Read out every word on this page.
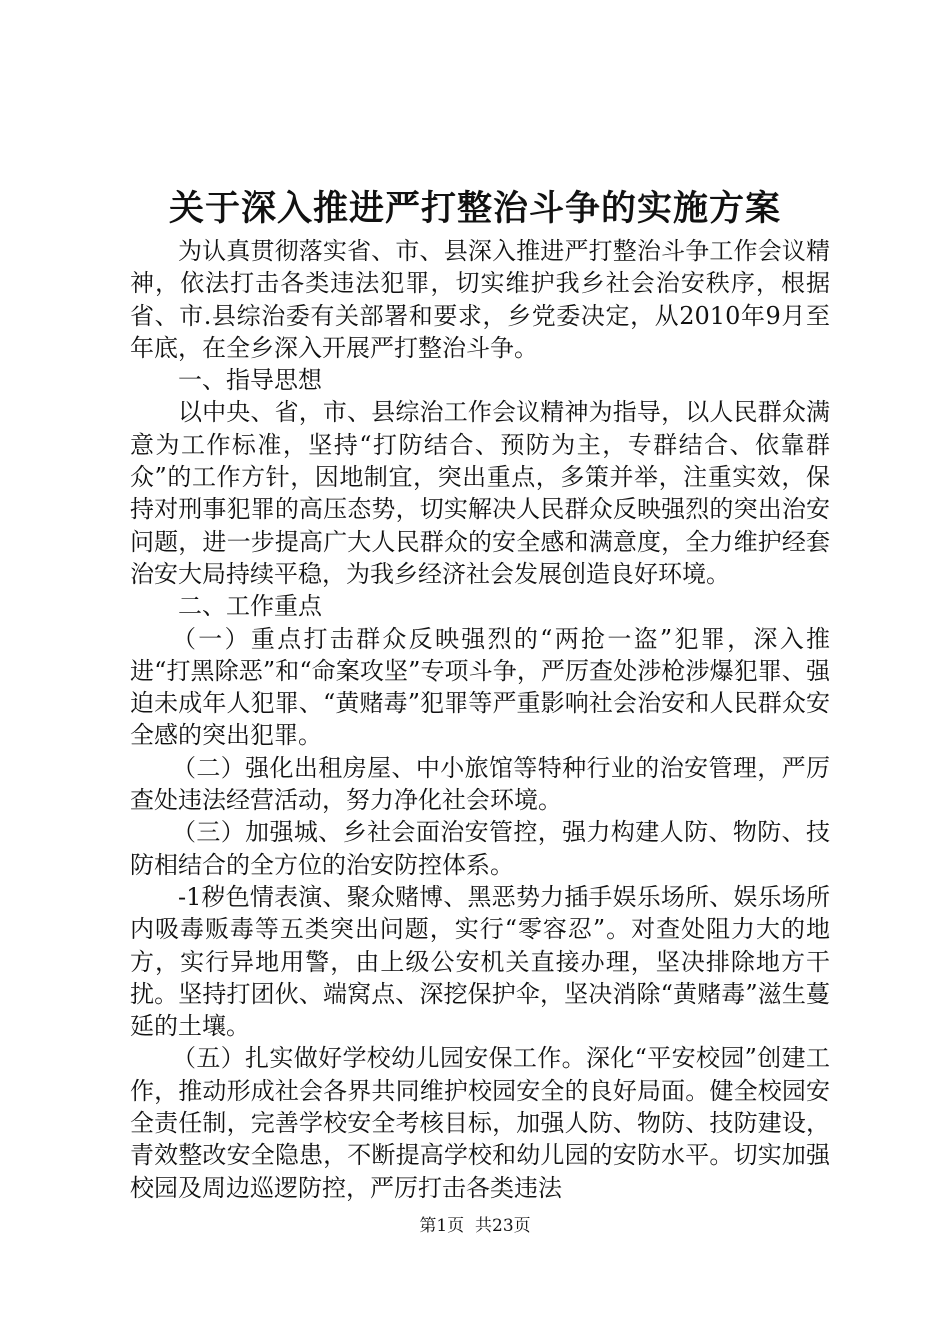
关于深入推进严打整治斗争的实施方案

为认真贯彻落实省、市、县深入推进严打整治斗争工作会议精神，依法打击各类违法犯罪，切实维护我乡社会治安秩序，根据省、市.县综治委有关部署和要求，乡党委决定，从2010年9月至年底，在全乡深入开展严打整治斗争。

一、指导思想

以中央、省，市、县综治工作会议精神为指导，以人民群众满意为工作标准，坚持“打防结合、预防为主，专群结合、依靠群众”的工作方针，因地制宜，突出重点，多策并举，注重实效，保持对刑事犯罪的高压态势，切实解决人民群众反映强烈的突出治安问题，进一步提高广大人民群众的安全感和满意度，全力维护经套治安大局持续平稳，为我乡经济社会发展创造良好环境。

二、工作重点

（一）重点打击群众反映强烈的“两抢一盗”犯罪，深入推进“打黑除恶”和“命案攻坚”专项斗争，严厉查处涉枪涉爆犯罪、强迫未成年人犯罪、“黄赌毒”犯罪等严重影响社会治安和人民群众安全感的突出犯罪。

（二）强化出租房屋、中小旅馆等特种行业的治安管理，严厉查处违法经营活动，努力净化社会环境。

（三）加强城、乡社会面治安管控，强力构建人防、物防、技防相结合的全方位的治安防控体系。

-1秽色情表演、聚众赌博、黑恶势力插手娱乐场所、娱乐场所内吸毒贩毒等五类突出问题，实行“零容忍”。对查处阻力大的地方，实行异地用警，由上级公安机关直接办理，坚决排除地方干扰。坚持打团伙、端窝点、深挖保护伞，坚决消除“黄赌毒”滋生蔓延的土壤。

（五）扎实做好学校幼儿园安保工作。深化“平安校园”创建工作，推动形成社会各界共同维护校园安全的良好局面。健全校园安全责任制，完善学校安全考核目标，加强人防、物防、技防建设，青效整改安全隐患，不断提高学校和幼儿园的安防水平。切实加强校园及周边巡逻防控，严厉打击各类违法

第1页 共23页
